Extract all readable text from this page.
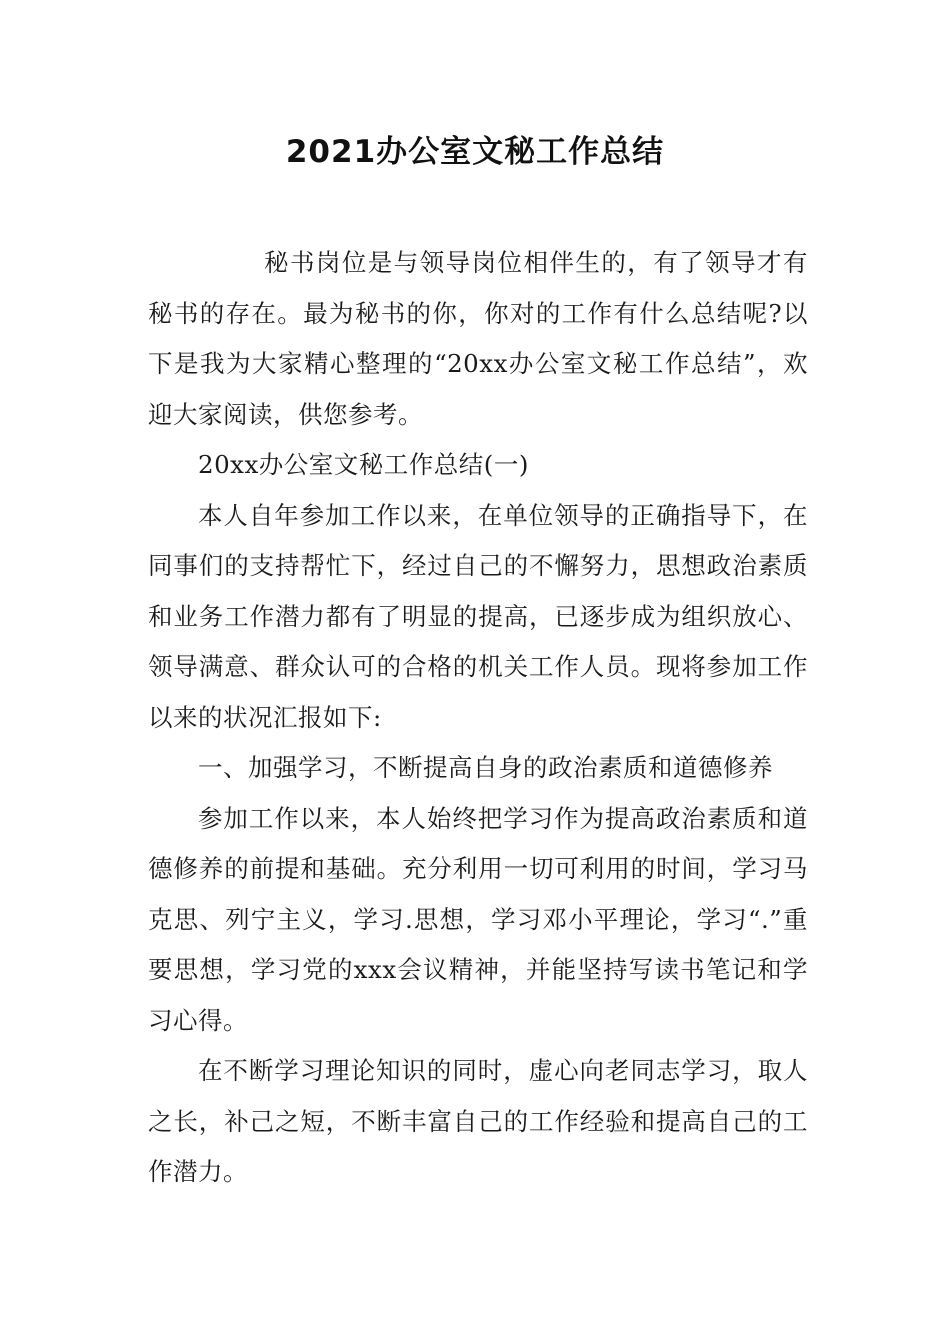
2021办公室文秘工作总结

秘书岗位是与领导岗位相伴生的，有了领导才有秘书的存在。最为秘书的你，你对的工作有什么总结呢?以下是我为大家精心整理的“20xx办公室文秘工作总结”，欢迎大家阅读，供您参考。

20xx办公室文秘工作总结(一)

本人自年参加工作以来，在单位领导的正确指导下，在同事们的支持帮忙下，经过自己的不懈努力，思想政治素质和业务工作潜力都有了明显的提高，已逐步成为组织放心、领导满意、群众认可的合格的机关工作人员。现将参加工作以来的状况汇报如下:

一、加强学习，不断提高自身的政治素质和道德修养

参加工作以来，本人始终把学习作为提高政治素质和道德修养的前提和基础。充分利用一切可利用的时间，学习马克思、列宁主义，学习.思想，学习邓小平理论，学习“.”重要思想，学习党的xxx会议精神，并能坚持写读书笔记和学习心得。

在不断学习理论知识的同时，虚心向老同志学习，取人之长，补己之短，不断丰富自己的工作经验和提高自己的工作潜力。
